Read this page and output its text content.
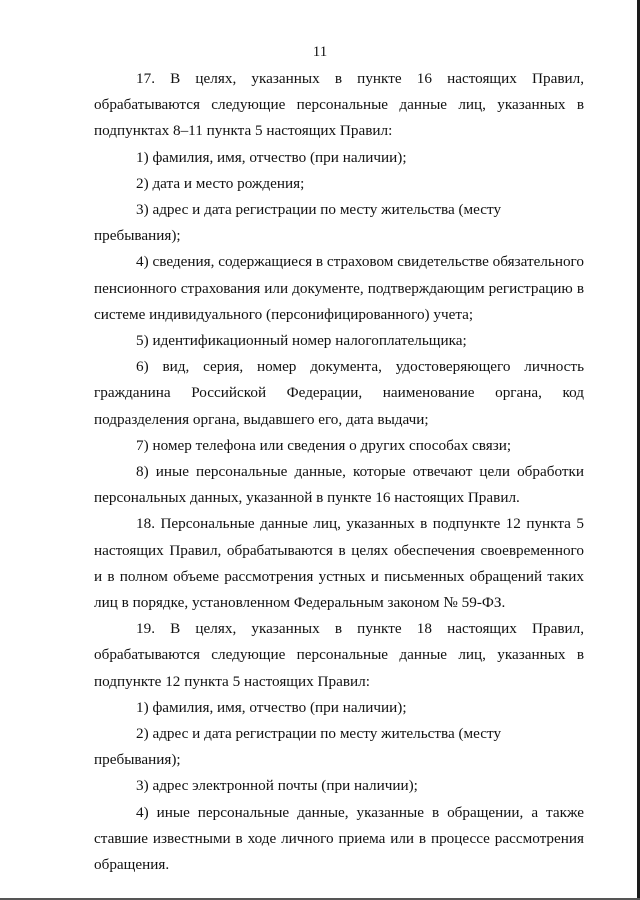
11

17. В целях, указанных в пункте 16 настоящих Правил, обрабатываются следующие персональные данные лиц, указанных в подпунктах 8–11 пункта 5 настоящих Правил:

1) фамилия, имя, отчество (при наличии);

2) дата и место рождения;

3) адрес и дата регистрации по месту жительства (месту пребывания);

4) сведения, содержащиеся в страховом свидетельстве обязательного пенсионного страхования или документе, подтверждающим регистрацию в системе индивидуального (персонифицированного) учета;

5) идентификационный номер налогоплательщика;

6) вид, серия, номер документа, удостоверяющего личность гражданина Российской Федерации, наименование органа, код подразделения органа, выдавшего его, дата выдачи;

7) номер телефона или сведения о других способах связи;

8) иные персональные данные, которые отвечают цели обработки персональных данных, указанной в пункте 16 настоящих Правил.

18. Персональные данные лиц, указанных в подпункте 12 пункта 5 настоящих Правил, обрабатываются в целях обеспечения своевременного и в полном объеме рассмотрения устных и письменных обращений таких лиц в порядке, установленном Федеральным законом № 59-ФЗ.

19. В целях, указанных в пункте 18 настоящих Правил, обрабатываются следующие персональные данные лиц, указанных в подпункте 12 пункта 5 настоящих Правил:

1) фамилия, имя, отчество (при наличии);

2) адрес и дата регистрации по месту жительства (месту пребывания);

3) адрес электронной почты (при наличии);

4) иные персональные данные, указанные в обращении, а также ставшие известными в ходе личного приема или в процессе рассмотрения обращения.
